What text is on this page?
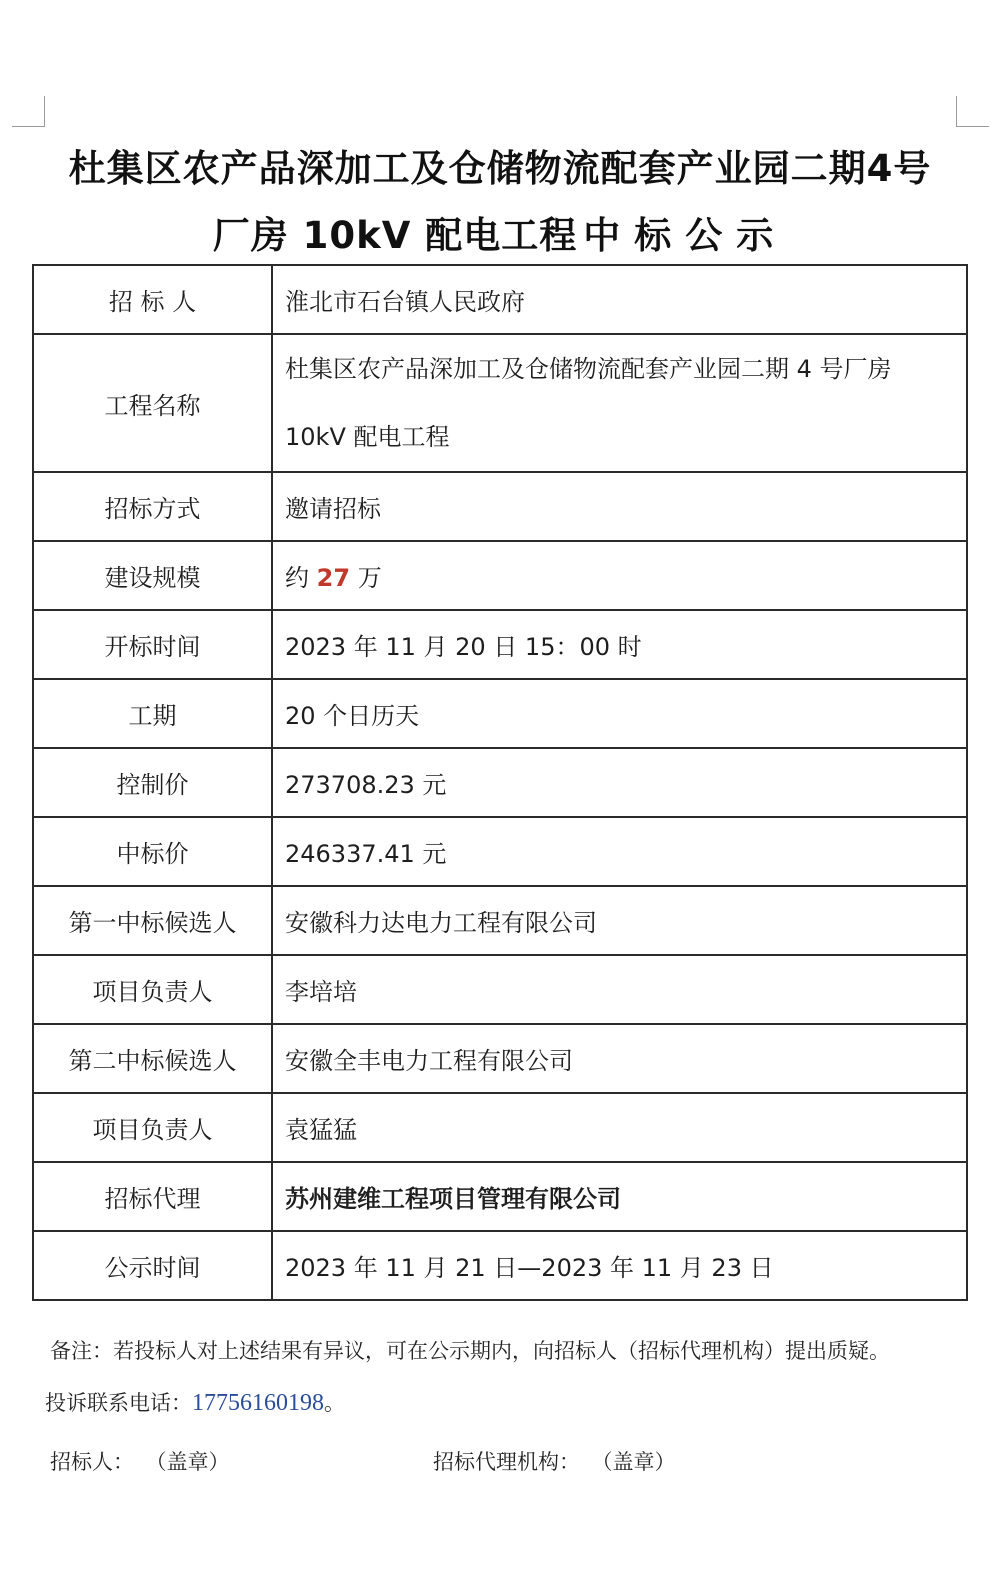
杜集区农产品深加工及仓储物流配套产业园二期4号
厂房 10kV 配电工程 中标公示
招 标 人	淮北市石台镇人民政府
工程名称	杜集区农产品深加工及仓储物流配套产业园二期 4 号厂房
10kV 配电工程

招标方式	邀请招标
建设规模	约 27 万
开标时间	2023 年 11 月 20 日 15：00 时
工期	20 个日历天
控制价	273708.23 元
中标价	246337.41 元
第一中标候选人	安徽科力达电力工程有限公司
项目负责人	李培培
第二中标候选人	安徽全丰电力工程有限公司
项目负责人	袁猛猛
招标代理	苏州建维工程项目管理有限公司
公示时间	2023 年 11 月 21 日—2023 年 11 月 23 日
备注：若投标人对上述结果有异议，可在公示期内，向招标人（招标代理机构）提出质疑。
投诉联系电话：17756160198。
招标人： （盖章）	招标代理机构： （盖章）
